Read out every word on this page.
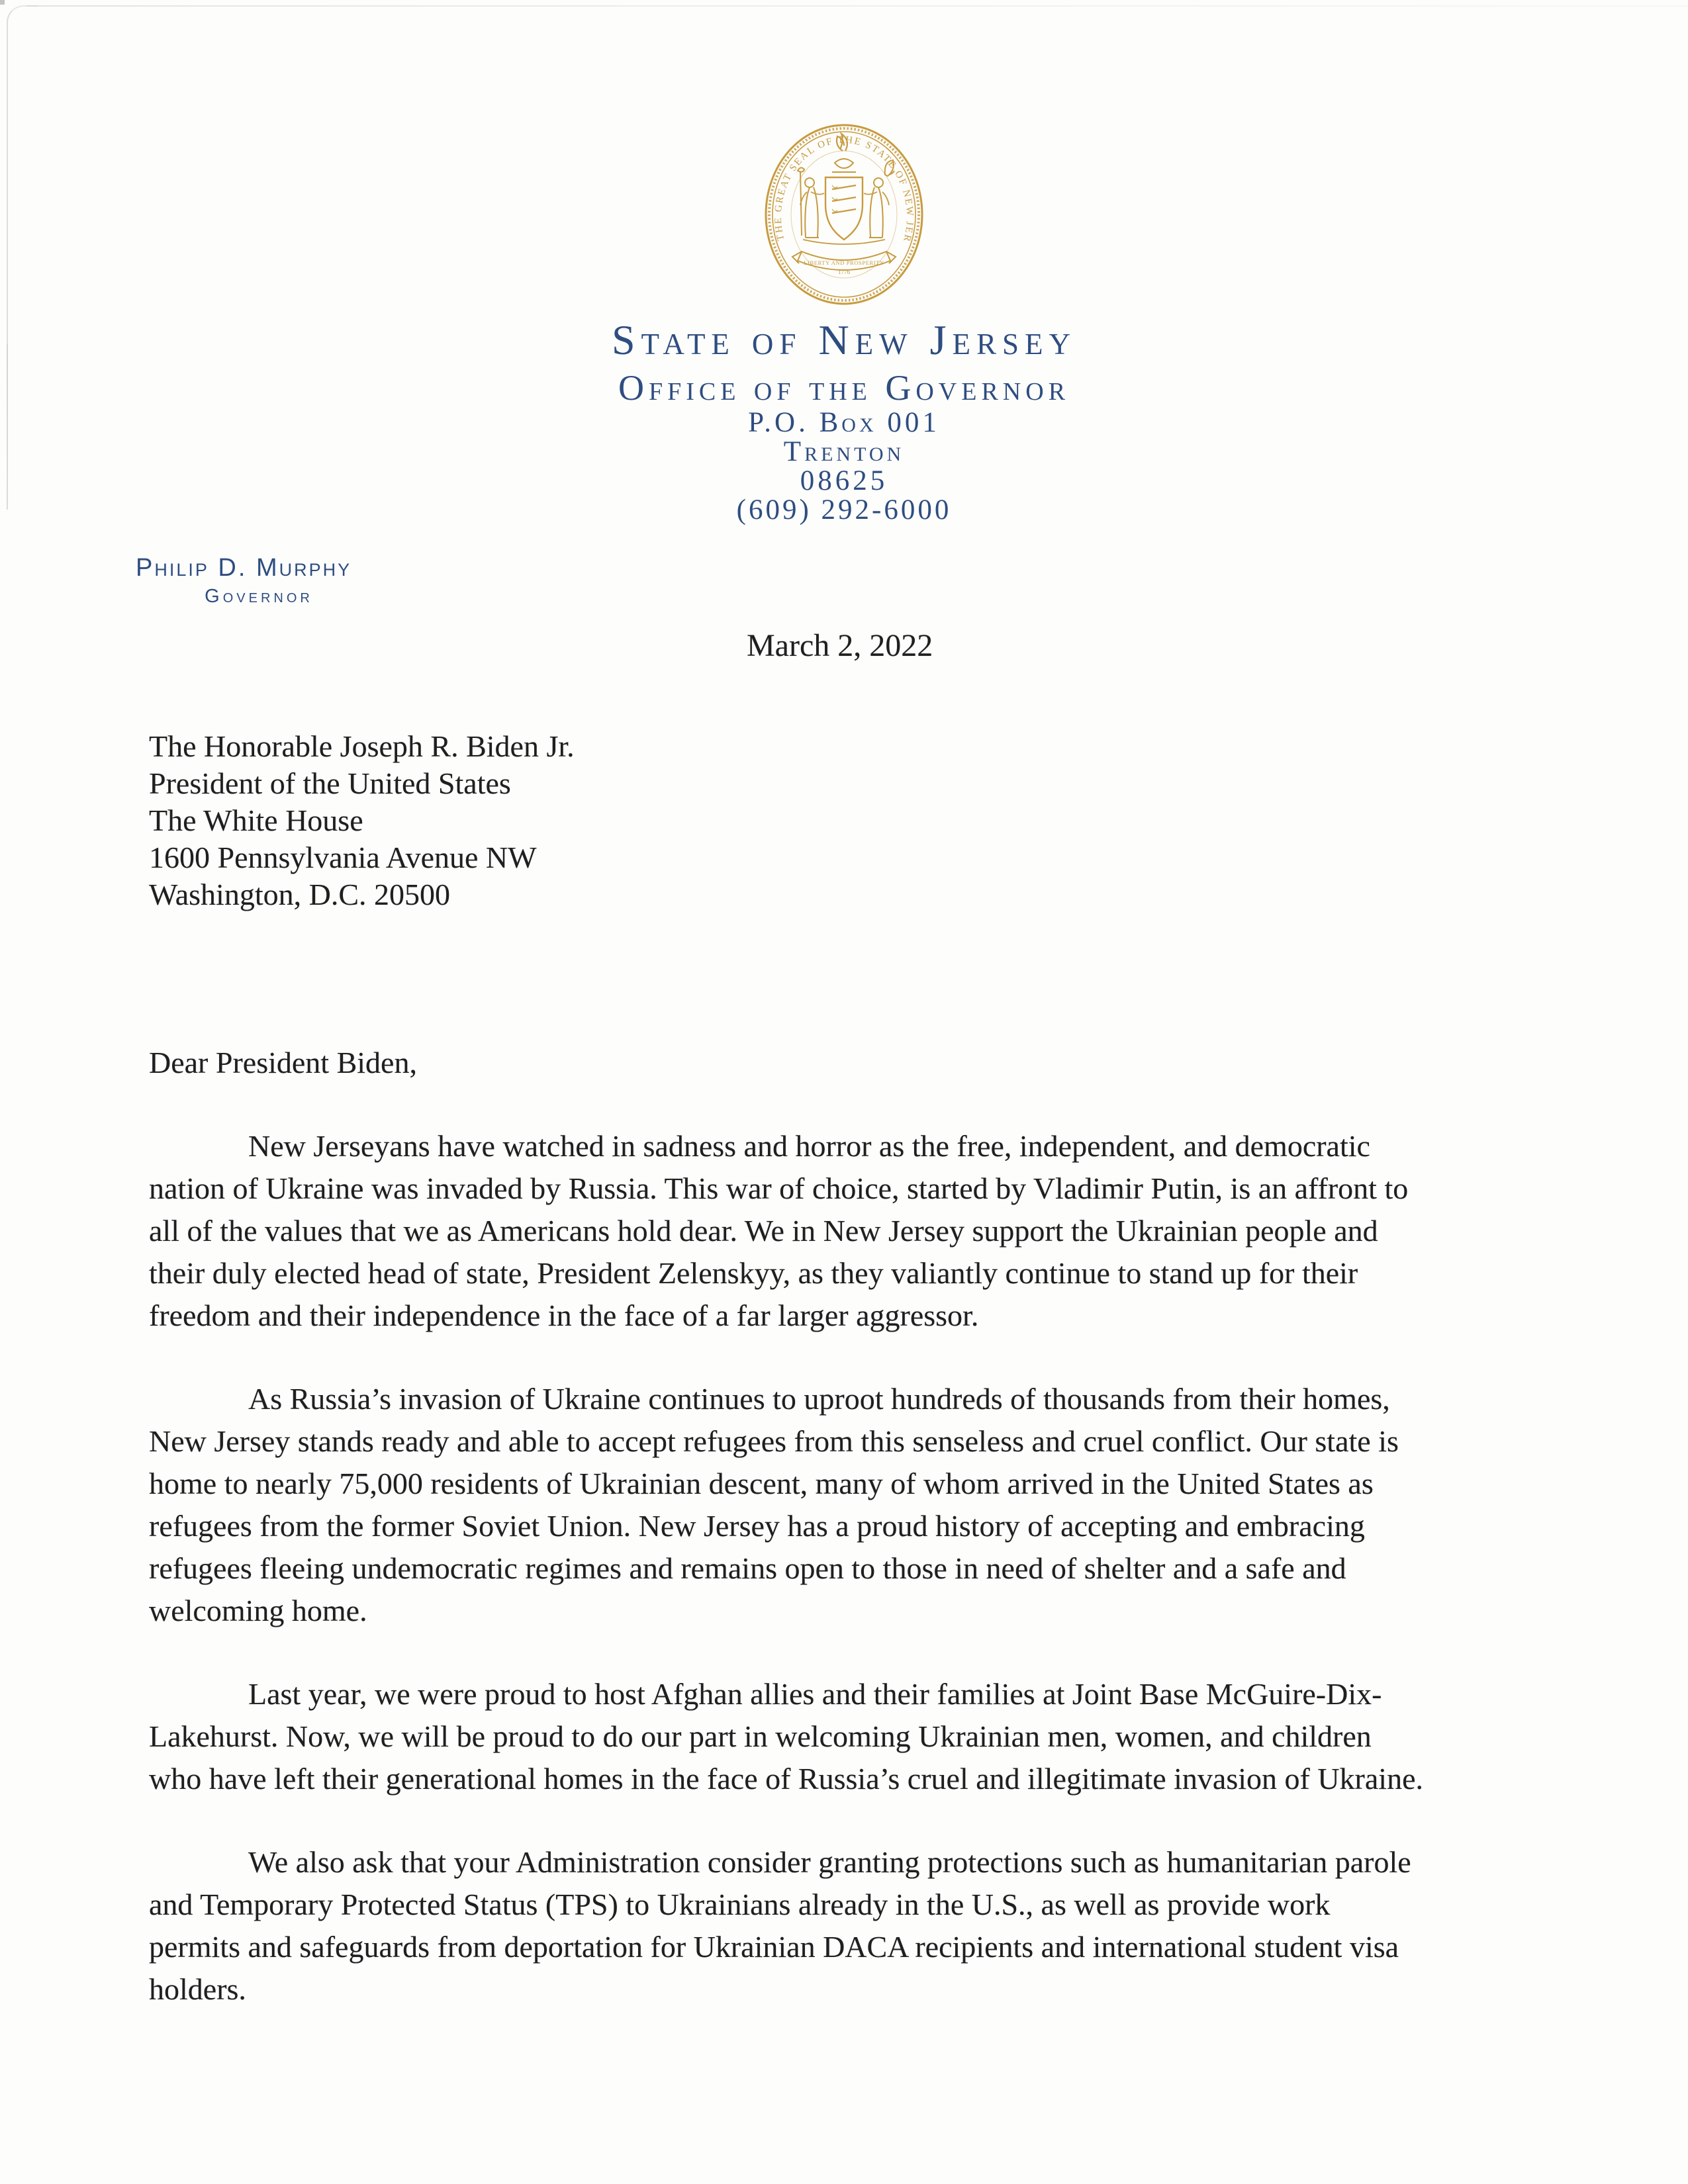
THE GREAT SEAL OF THE STATE OF NEW JERSEY
LIBERTY AND PROSPERITY
1776
State of New Jersey
Office of the Governor
P.O. Box 001
Trenton
08625
(609) 292-6000
Philip D. Murphy
Governor
March 2, 2022
The Honorable Joseph R. Biden Jr.
President of the United States
The White House
1600 Pennsylvania Avenue NW
Washington, D.C. 20500
Dear President Biden,
New Jerseyans have watched in sadness and horror as the free, independent, and democratic
nation of Ukraine was invaded by Russia. This war of choice, started by Vladimir Putin, is an affront to
all of the values that we as Americans hold dear. We in New Jersey support the Ukrainian people and
their duly elected head of state, President Zelenskyy, as they valiantly continue to stand up for their
freedom and their independence in the face of a far larger aggressor.
As Russia’s invasion of Ukraine continues to uproot hundreds of thousands from their homes,
New Jersey stands ready and able to accept refugees from this senseless and cruel conflict. Our state is
home to nearly 75,000 residents of Ukrainian descent, many of whom arrived in the United States as
refugees from the former Soviet Union. New Jersey has a proud history of accepting and embracing
refugees fleeing undemocratic regimes and remains open to those in need of shelter and a safe and
welcoming home.
Last year, we were proud to host Afghan allies and their families at Joint Base McGuire-Dix-
Lakehurst. Now, we will be proud to do our part in welcoming Ukrainian men, women, and children
who have left their generational homes in the face of Russia’s cruel and illegitimate invasion of Ukraine.
We also ask that your Administration consider granting protections such as humanitarian parole
and Temporary Protected Status (TPS) to Ukrainians already in the U.S., as well as provide work
permits and safeguards from deportation for Ukrainian DACA recipients and international student visa
holders.
